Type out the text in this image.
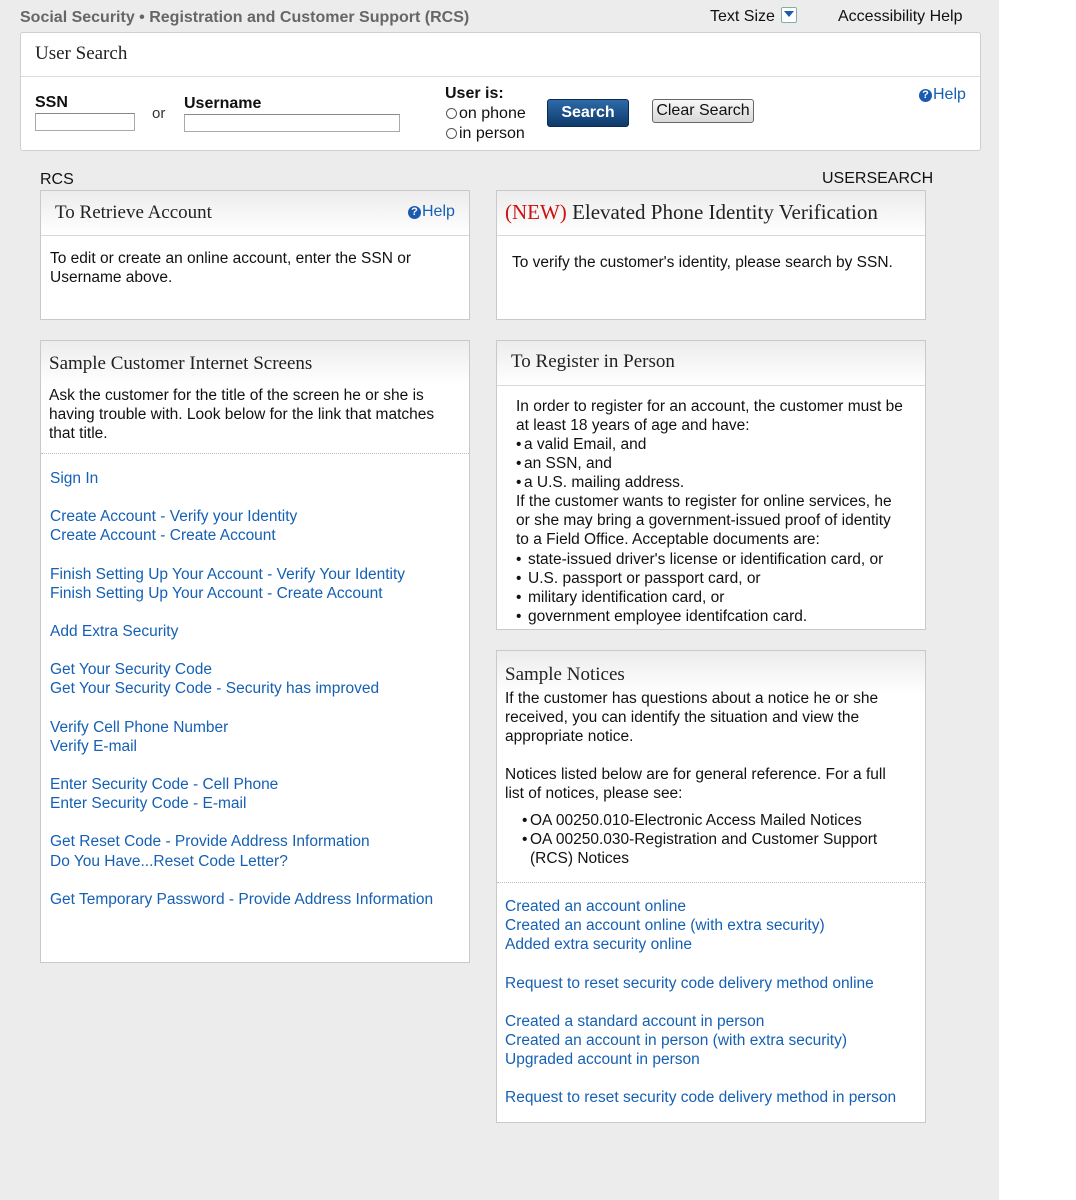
Social Security • Registration and Customer Support (RCS)	Text Size	Accessibility Help
User Search
SSN
or
Username
User is:
on phone
in person
Search	Clear Search
? Help
RCS	USERSEARCH
To Retrieve Account	? Help
To edit or create an online account, enter the SSN or
Username above.
(NEW) Elevated Phone Identity Verification
To verify the customer's identity, please search by SSN.
Sample Customer Internet Screens
Ask the customer for the title of the screen he or she is
having trouble with. Look below for the link that matches
that title.
Sign In
Create Account - Verify your Identity
Create Account - Create Account
Finish Setting Up Your Account - Verify Your Identity
Finish Setting Up Your Account - Create Account
Add Extra Security
Get Your Security Code
Get Your Security Code - Security has improved
Verify Cell Phone Number
Verify E-mail
Enter Security Code - Cell Phone
Enter Security Code - E-mail
Get Reset Code - Provide Address Information
Do You Have...Reset Code Letter?
Get Temporary Password - Provide Address Information
To Register in Person
In order to register for an account, the customer must be
at least 18 years of age and have:
• a valid Email, and
• an SSN, and
• a U.S. mailing address.
If the customer wants to register for online services, he
or she may bring a government-issued proof of identity
to a Field Office. Acceptable documents are:
• state-issued driver's license or identification card, or
• U.S. passport or passport card, or
• military identification card, or
• government employee identifcation card.
Sample Notices
If the customer has questions about a notice he or she
received, you can identify the situation and view the
appropriate notice.
Notices listed below are for general reference. For a full
list of notices, please see:
• OA 00250.010-Electronic Access Mailed Notices
• OA 00250.030-Registration and Customer Support
(RCS) Notices
Created an account online
Created an account online (with extra security)
Added extra security online
Request to reset security code delivery method online
Created a standard account in person
Created an account in person (with extra security)
Upgraded account in person
Request to reset security code delivery method in person
